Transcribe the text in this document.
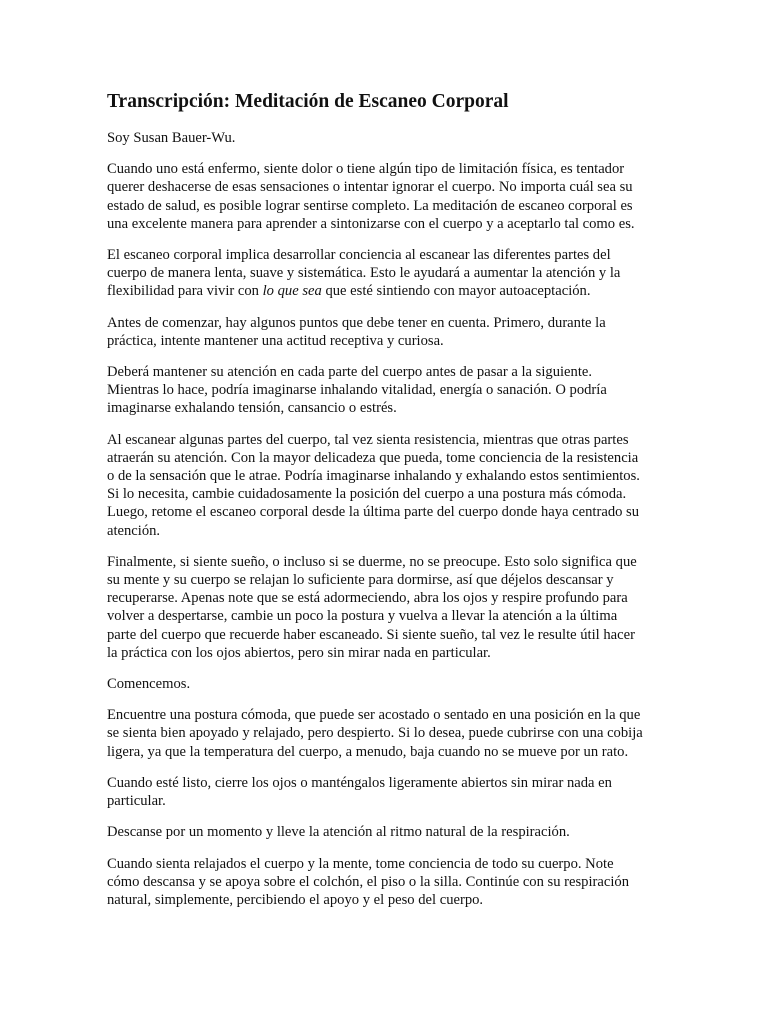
Transcripción: Meditación de Escaneo Corporal

Soy Susan Bauer-Wu.

Cuando uno está enfermo, siente dolor o tiene algún tipo de limitación física, es tentador
querer deshacerse de esas sensaciones o intentar ignorar el cuerpo. No importa cuál sea su
estado de salud, es posible lograr sentirse completo. La meditación de escaneo corporal es
una excelente manera para aprender a sintonizarse con el cuerpo y a aceptarlo tal como es.

El escaneo corporal implica desarrollar conciencia al escanear las diferentes partes del
cuerpo de manera lenta, suave y sistemática. Esto le ayudará a aumentar la atención y la
flexibilidad para vivir con lo que sea que esté sintiendo con mayor autoaceptación.

Antes de comenzar, hay algunos puntos que debe tener en cuenta. Primero, durante la
práctica, intente mantener una actitud receptiva y curiosa.

Deberá mantener su atención en cada parte del cuerpo antes de pasar a la siguiente.
Mientras lo hace, podría imaginarse inhalando vitalidad, energía o sanación. O podría
imaginarse exhalando tensión, cansancio o estrés.

Al escanear algunas partes del cuerpo, tal vez sienta resistencia, mientras que otras partes
atraerán su atención. Con la mayor delicadeza que pueda, tome conciencia de la resistencia
o de la sensación que le atrae. Podría imaginarse inhalando y exhalando estos sentimientos.
Si lo necesita, cambie cuidadosamente la posición del cuerpo a una postura más cómoda.
Luego, retome el escaneo corporal desde la última parte del cuerpo donde haya centrado su
atención.

Finalmente, si siente sueño, o incluso si se duerme, no se preocupe. Esto solo significa que
su mente y su cuerpo se relajan lo suficiente para dormirse, así que déjelos descansar y
recuperarse. Apenas note que se está adormeciendo, abra los ojos y respire profundo para
volver a despertarse, cambie un poco la postura y vuelva a llevar la atención a la última
parte del cuerpo que recuerde haber escaneado. Si siente sueño, tal vez le resulte útil hacer
la práctica con los ojos abiertos, pero sin mirar nada en particular.

Comencemos.

Encuentre una postura cómoda, que puede ser acostado o sentado en una posición en la que
se sienta bien apoyado y relajado, pero despierto. Si lo desea, puede cubrirse con una cobija
ligera, ya que la temperatura del cuerpo, a menudo, baja cuando no se mueve por un rato.

Cuando esté listo, cierre los ojos o manténgalos ligeramente abiertos sin mirar nada en
particular.

Descanse por un momento y lleve la atención al ritmo natural de la respiración.

Cuando sienta relajados el cuerpo y la mente, tome conciencia de todo su cuerpo. Note
cómo descansa y se apoya sobre el colchón, el piso o la silla. Continúe con su respiración
natural, simplemente, percibiendo el apoyo y el peso del cuerpo.
